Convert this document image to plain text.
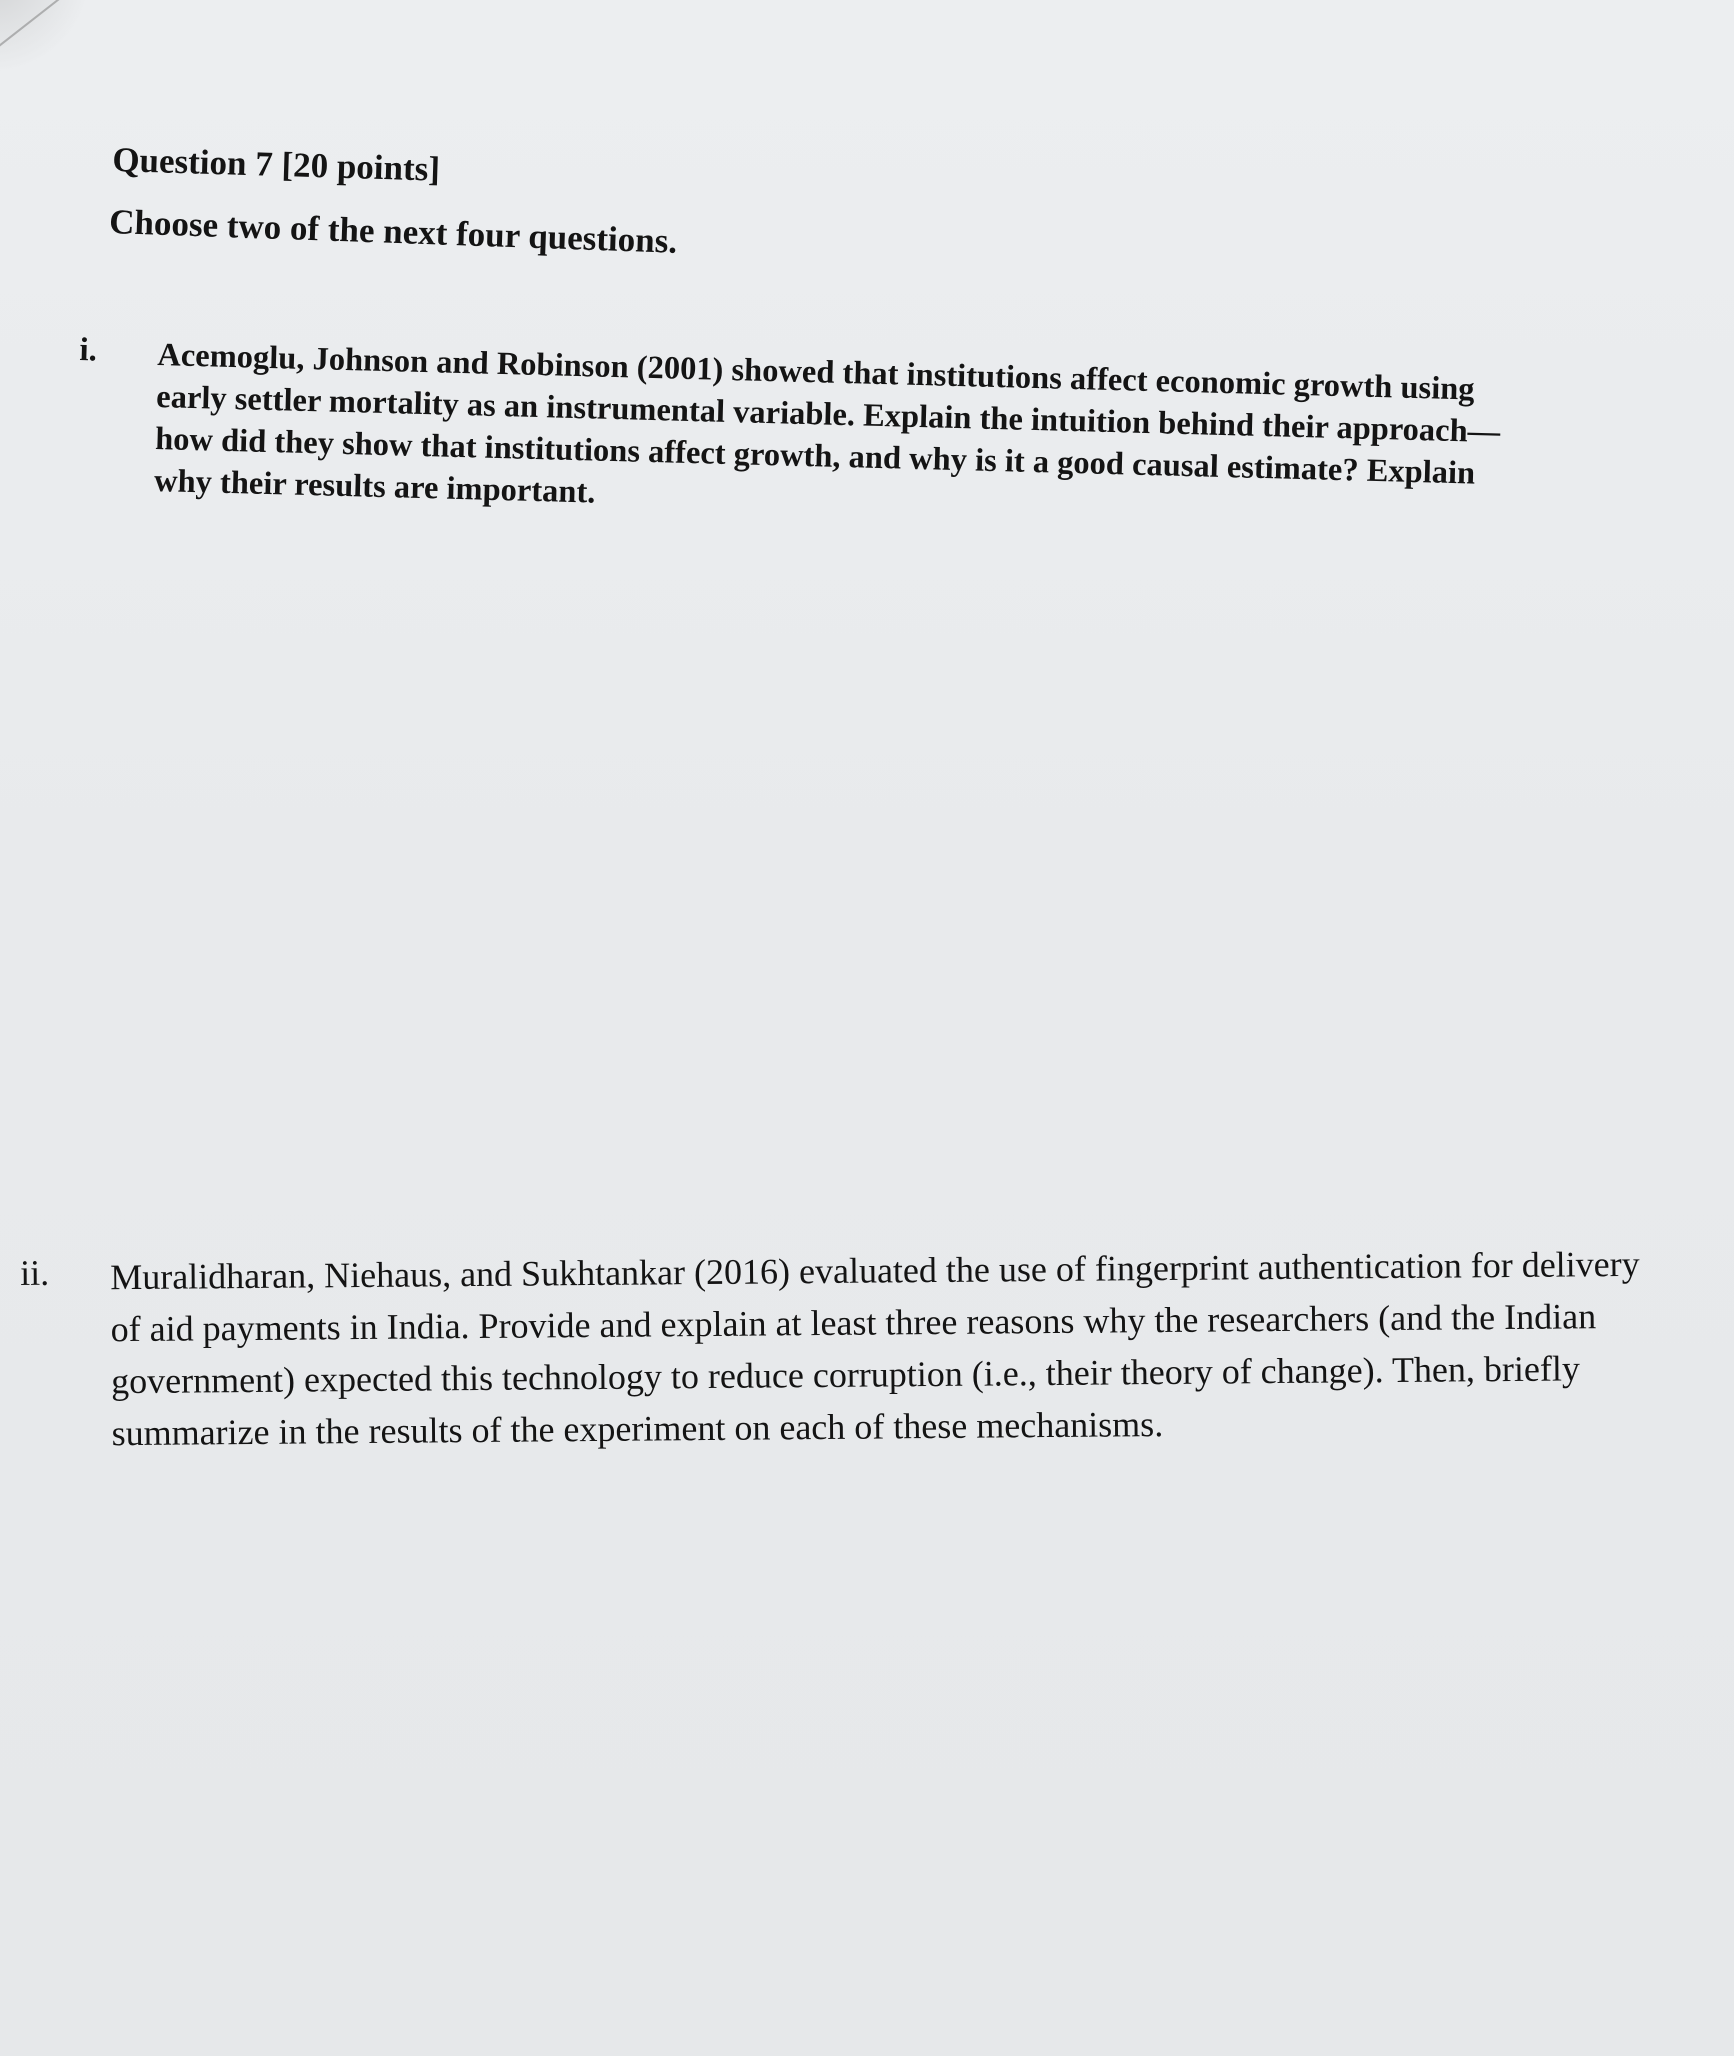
Question 7 [20 points]
Choose two of the next four questions.
i. Acemoglu, Johnson and Robinson (2001) showed that institutions affect economic growth using early settler mortality as an instrumental variable. Explain the intuition behind their approach—how did they show that institutions affect growth, and why is it a good causal estimate? Explain why their results are important.

ii. Muralidharan, Niehaus, and Sukhtankar (2016) evaluated the use of fingerprint authentication for delivery of aid payments in India. Provide and explain at least three reasons why the researchers (and the Indian government) expected this technology to reduce corruption (i.e., their theory of change). Then, briefly summarize in the results of the experiment on each of these mechanisms.
